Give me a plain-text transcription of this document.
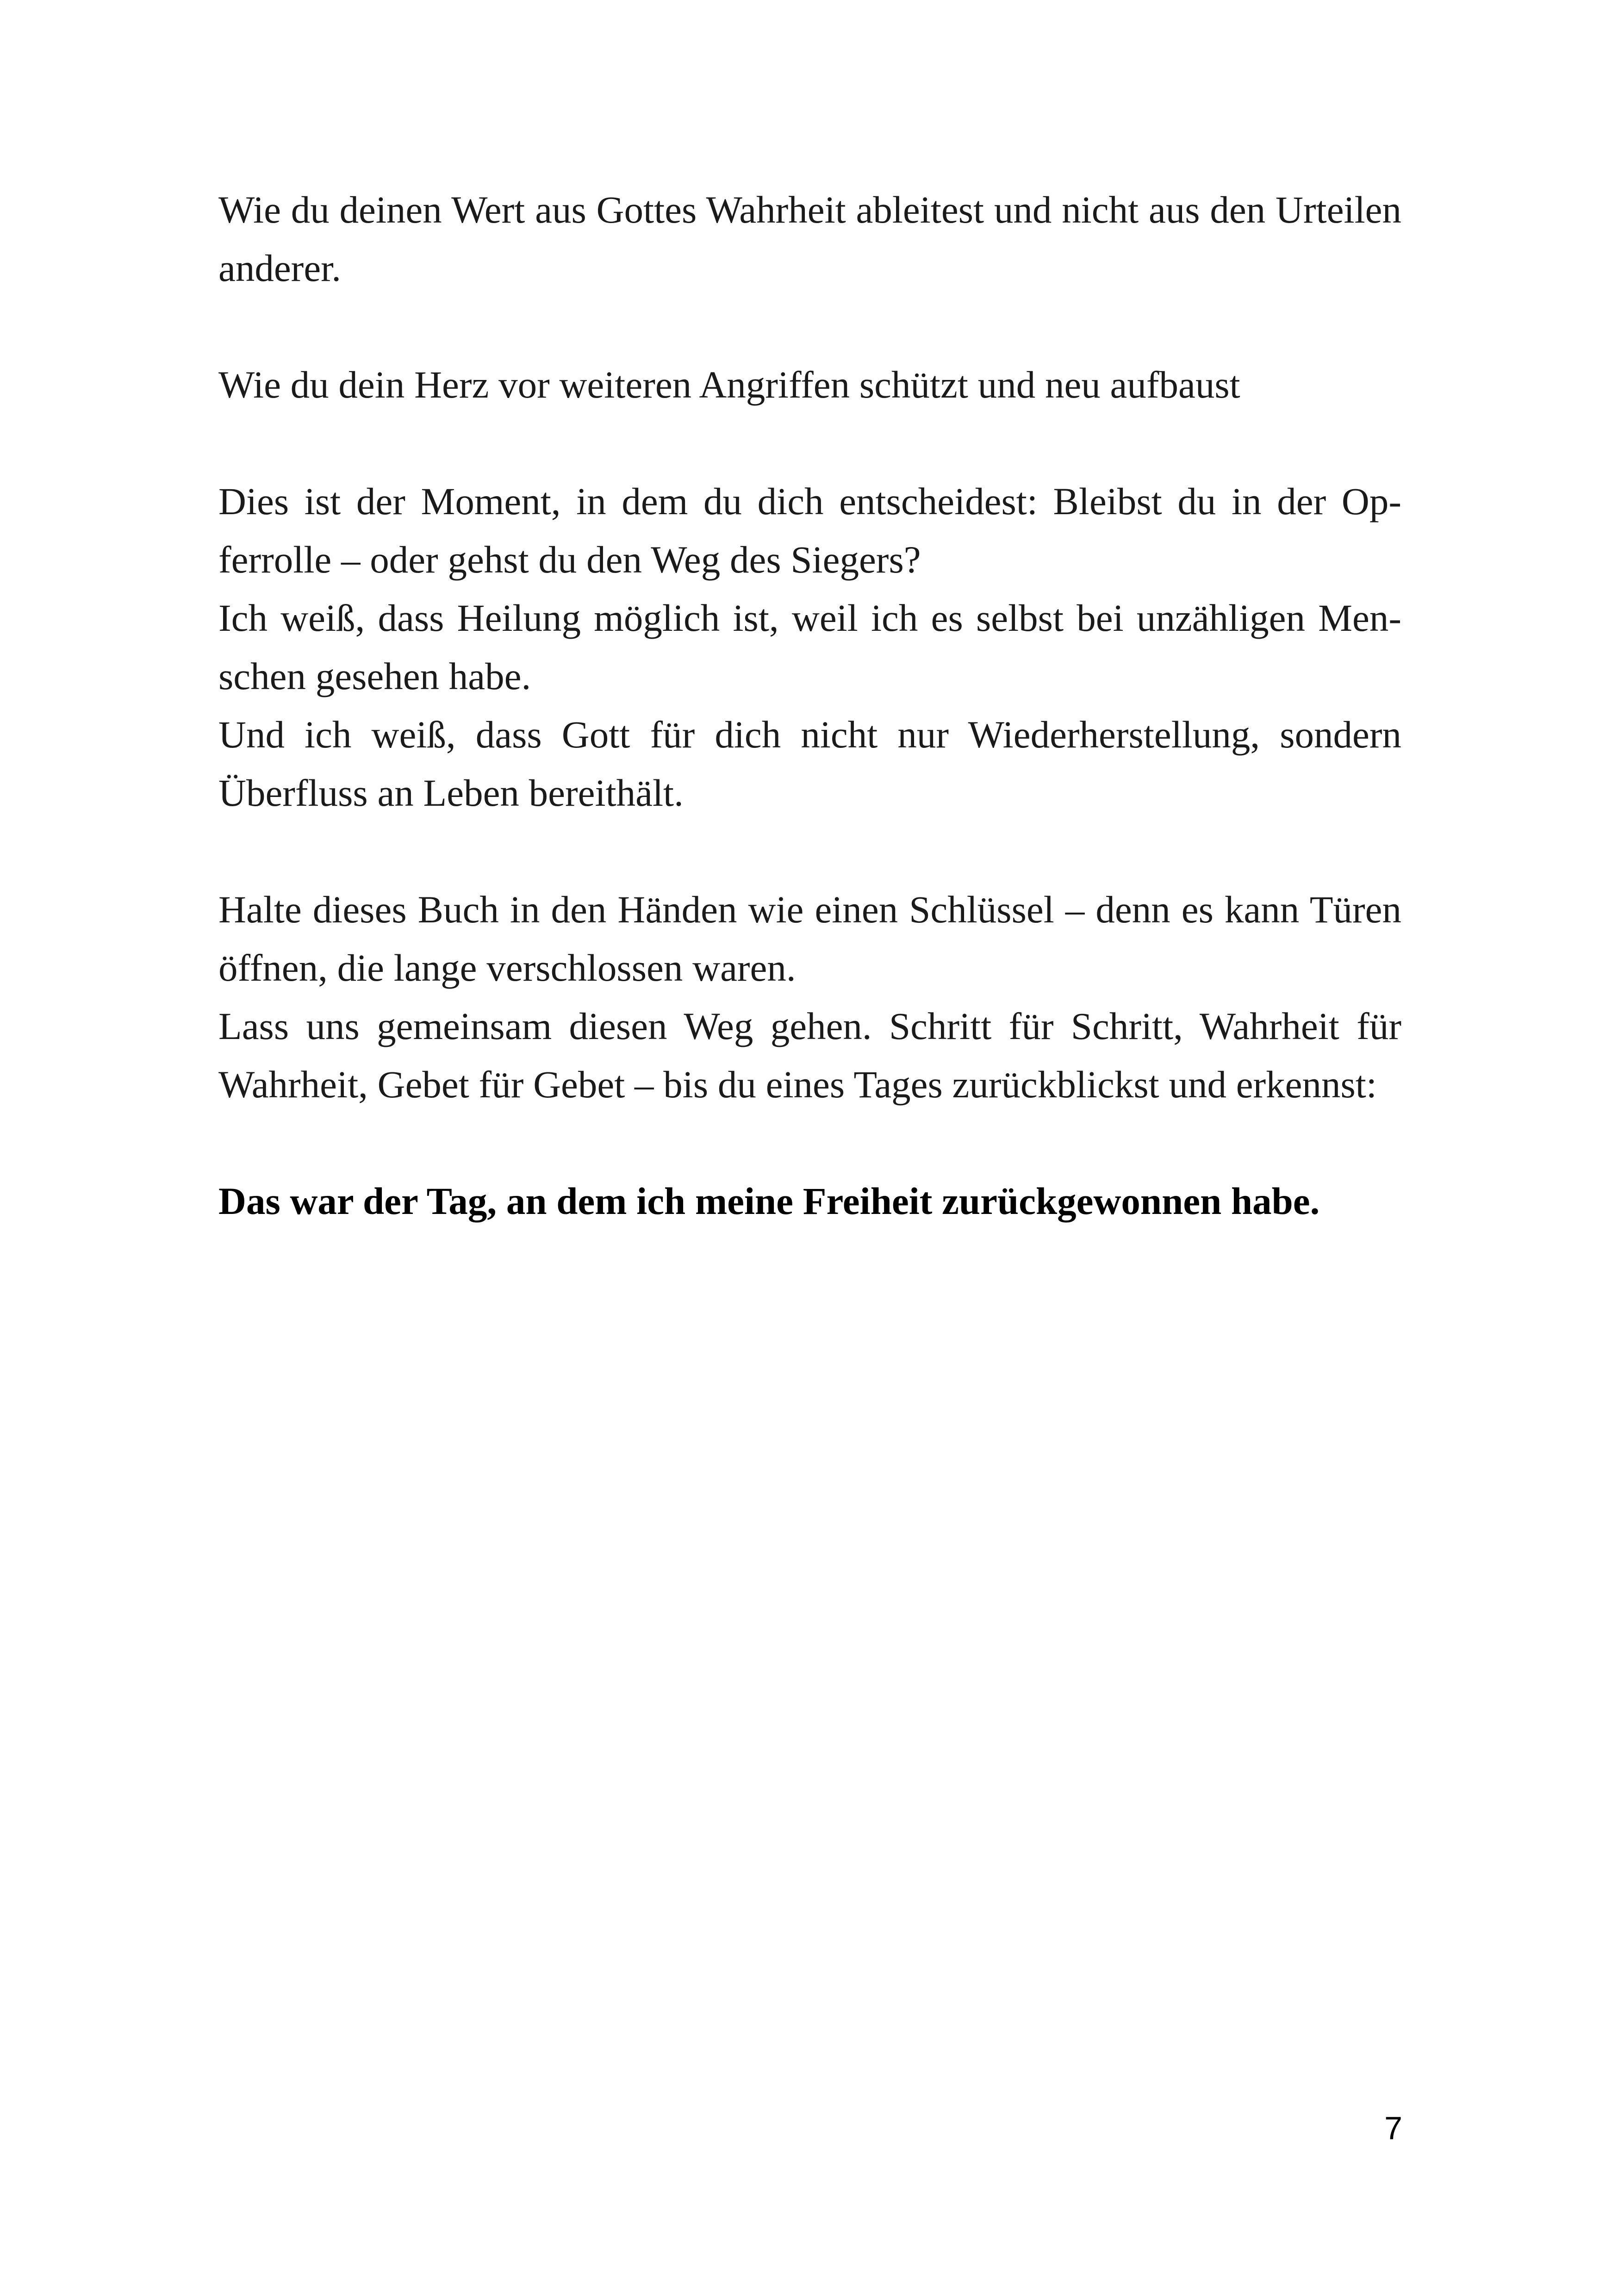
Wie du deinen Wert aus Gottes Wahrheit ableitest und nicht aus den Urteilen anderer.

Wie du dein Herz vor weiteren Angriffen schützt und neu aufbaust

Dies ist der Moment, in dem du dich entscheidest: Bleibst du in der Opferrolle – oder gehst du den Weg des Siegers?

Ich weiß, dass Heilung möglich ist, weil ich es selbst bei unzähligen Menschen gesehen habe.

Und ich weiß, dass Gott für dich nicht nur Wiederherstellung, sondern Überfluss an Leben bereithält.

Halte dieses Buch in den Händen wie einen Schlüssel – denn es kann Türen öffnen, die lange verschlossen waren.

Lass uns gemeinsam diesen Weg gehen. Schritt für Schritt, Wahrheit für Wahrheit, Gebet für Gebet – bis du eines Tages zurückblickst und erkennst:

Das war der Tag, an dem ich meine Freiheit zurückgewonnen habe.

7
